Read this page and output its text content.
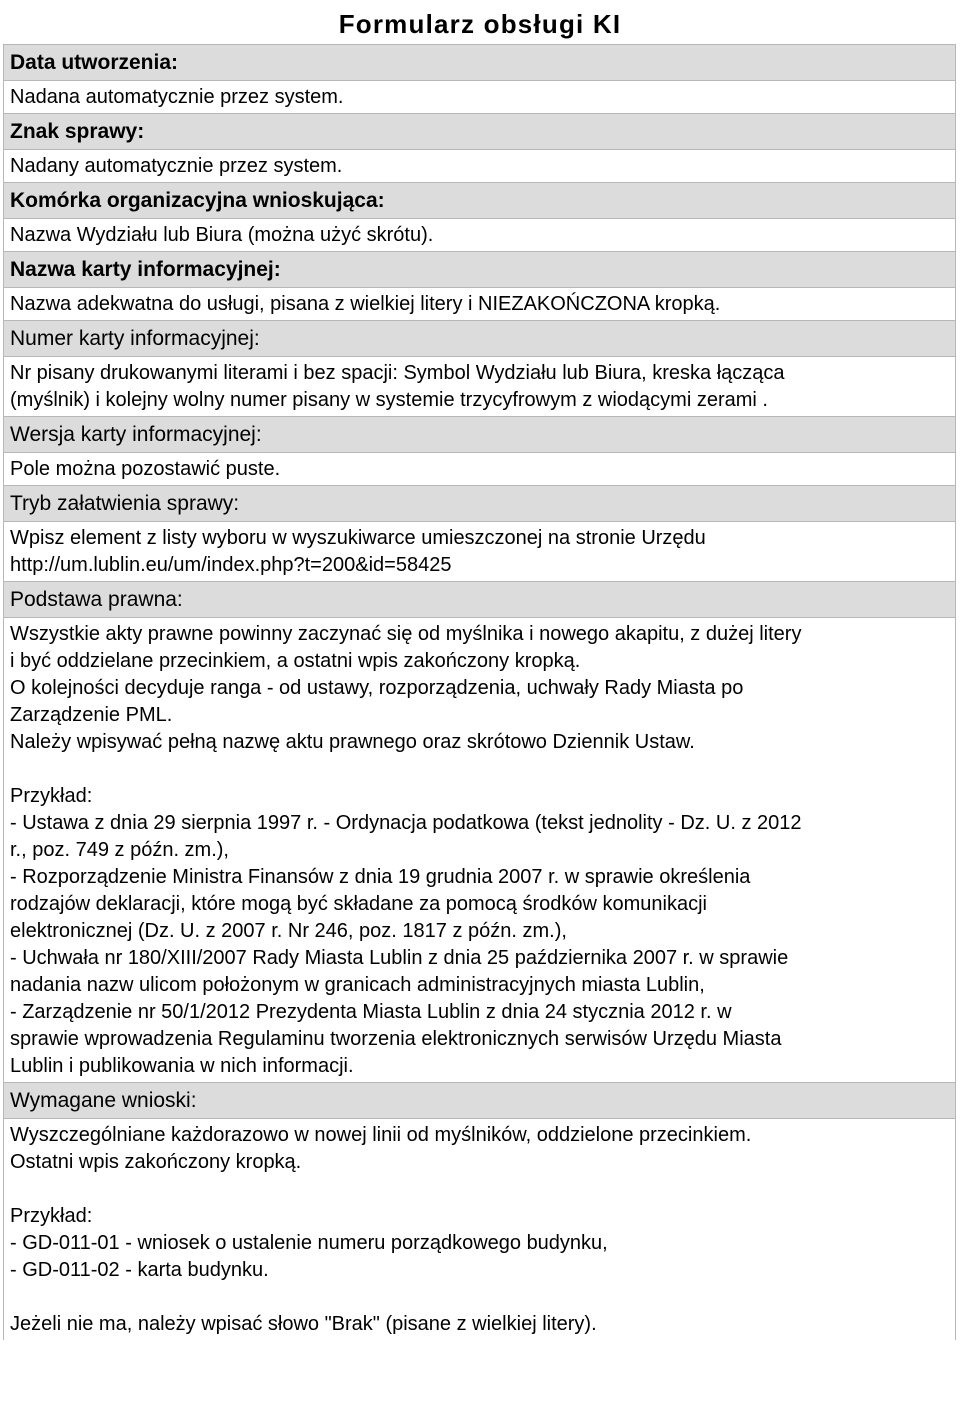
Formularz obsługi KI
Data utworzenia:
Nadana automatycznie przez system.
Znak sprawy:
Nadany automatycznie przez system.
Komórka organizacyjna wnioskująca:
Nazwa Wydziału lub Biura (można użyć skrótu).
Nazwa karty informacyjnej:
Nazwa adekwatna do usługi, pisana z wielkiej litery i NIEZAKOŃCZONA kropką.
Numer karty informacyjnej:
Nr pisany drukowanymi literami i bez spacji: Symbol Wydziału lub Biura, kreska łącząca
(myślnik) i kolejny wolny numer pisany w systemie trzycyfrowym z wiodącymi zerami .
Wersja karty informacyjnej:
Pole można pozostawić puste.
Tryb załatwienia sprawy:
Wpisz element z listy wyboru w wyszukiwarce umieszczonej na stronie Urzędu
http://um.lublin.eu/um/index.php?t=200&id=58425
Podstawa prawna:
Wszystkie akty prawne powinny zaczynać się od myślnika i nowego akapitu, z dużej litery
i być oddzielane przecinkiem, a ostatni wpis zakończony kropką.
O kolejności decyduje ranga - od ustawy, rozporządzenia, uchwały Rady Miasta po
Zarządzenie PML.
Należy wpisywać pełną nazwę aktu prawnego oraz skrótowo Dziennik Ustaw.
Przykład:
- Ustawa z dnia 29 sierpnia 1997 r. - Ordynacja podatkowa (tekst jednolity - Dz. U. z 2012
r., poz. 749 z późn. zm.),
- Rozporządzenie Ministra Finansów z dnia 19 grudnia 2007 r. w sprawie określenia
rodzajów deklaracji, które mogą być składane za pomocą środków komunikacji
elektronicznej (Dz. U. z 2007 r. Nr 246, poz. 1817 z późn. zm.),
- Uchwała nr 180/XIII/2007 Rady Miasta Lublin z dnia 25 października 2007 r. w sprawie
nadania nazw ulicom położonym w granicach administracyjnych miasta Lublin,
- Zarządzenie nr 50/1/2012 Prezydenta Miasta Lublin z dnia 24 stycznia 2012 r. w
sprawie wprowadzenia Regulaminu tworzenia elektronicznych serwisów Urzędu Miasta
Lublin i publikowania w nich informacji.
Wymagane wnioski:
Wyszczególniane każdorazowo w nowej linii od myślników, oddzielone przecinkiem.
Ostatni wpis zakończony kropką.
Przykład:
- GD-011-01 - wniosek o ustalenie numeru porządkowego budynku,
- GD-011-02 - karta budynku.
Jeżeli nie ma, należy wpisać słowo "Brak" (pisane z wielkiej litery).
